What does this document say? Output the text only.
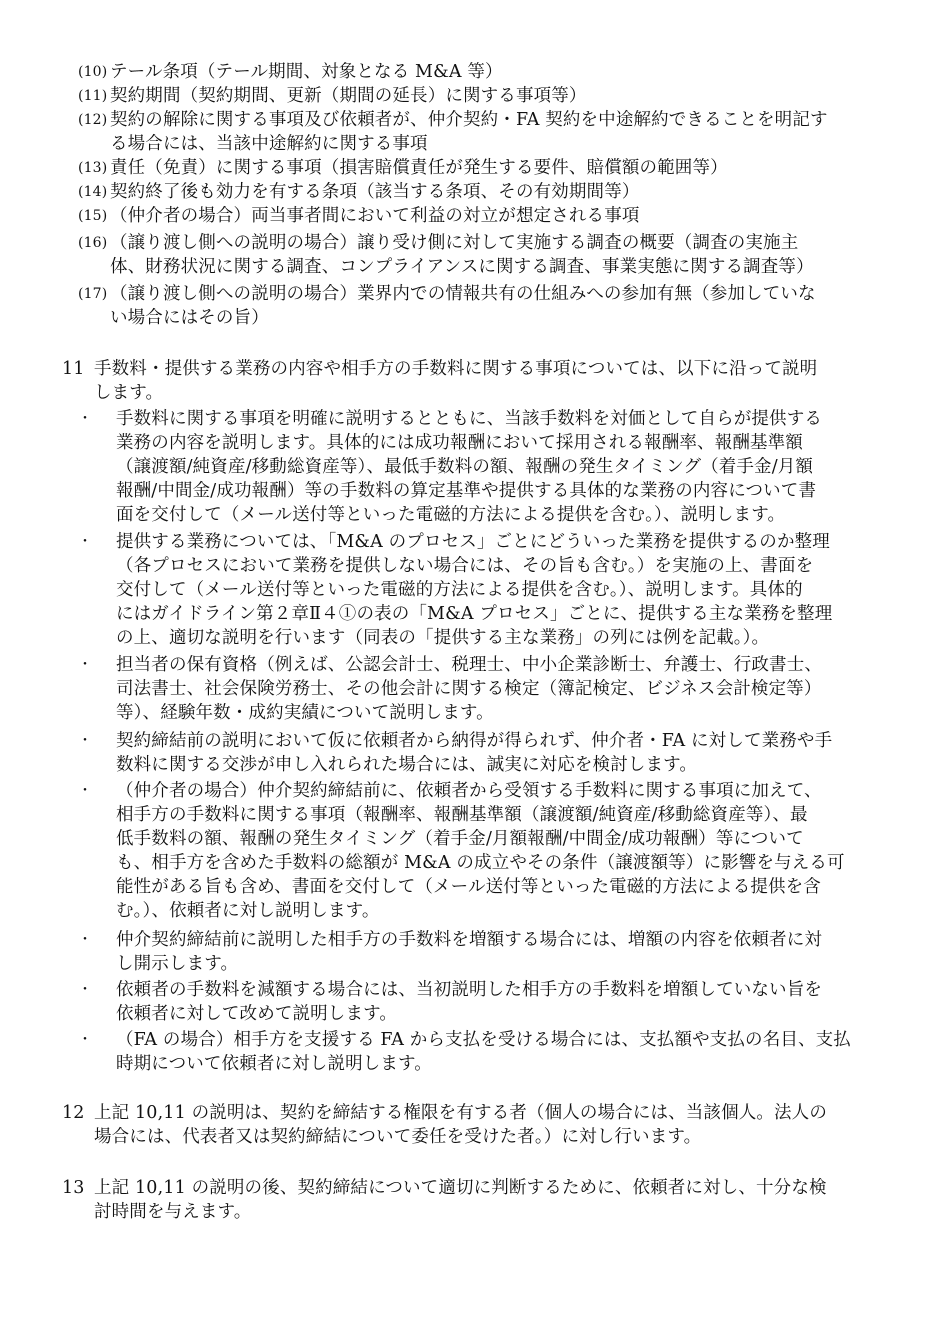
(10) テール条項（テール期間、対象となる M&A 等）
(11) 契約期間（契約期間、更新（期間の延長）に関する事項等）
(12) 契約の解除に関する事項及び依頼者が、仲介契約・FA 契約を中途解約できることを明記す
る場合には、当該中途解約に関する事項
(13) 責任（免責）に関する事項（損害賠償責任が発生する要件、賠償額の範囲等）
(14) 契約終了後も効力を有する条項（該当する条項、その有効期間等）
(15) （仲介者の場合）両当事者間において利益の対立が想定される事項
(16) （譲り渡し側への説明の場合）譲り受け側に対して実施する調査の概要（調査の実施主
体、財務状況に関する調査、コンプライアンスに関する調査、事業実態に関する調査等）
(17) （譲り渡し側への説明の場合）業界内での情報共有の仕組みへの参加有無（参加していな
い場合にはその旨）
11 手数料・提供する業務の内容や相手方の手数料に関する事項については、以下に沿って説明
します。
・	手数料に関する事項を明確に説明するとともに、当該手数料を対価として自らが提供する
業務の内容を説明します。具体的には成功報酬において採用される報酬率、報酬基準額
（譲渡額/純資産/移動総資産等）、最低手数料の額、報酬の発生タイミング（着手金/月額
報酬/中間金/成功報酬）等の手数料の算定基準や提供する具体的な業務の内容について書
面を交付して（メール送付等といった電磁的方法による提供を含む。）、説明します。
・	提供する業務については、「M&A のプロセス」ごとにどういった業務を提供するのか整理
（各プロセスにおいて業務を提供しない場合には、その旨も含む。）を実施の上、書面を
交付して（メール送付等といった電磁的方法による提供を含む。）、説明します。具体的
にはガイドライン第２章Ⅱ４①の表の「M&A プロセス」ごとに、提供する主な業務を整理
の上、適切な説明を行います（同表の「提供する主な業務」の列には例を記載。）。
・	担当者の保有資格（例えば、公認会計士、税理士、中小企業診断士、弁護士、行政書士、
司法書士、社会保険労務士、その他会計に関する検定（簿記検定、ビジネス会計検定等）
等）、経験年数・成約実績について説明します。
・	契約締結前の説明において仮に依頼者から納得が得られず、仲介者・FA に対して業務や手
数料に関する交渉が申し入れられた場合には、誠実に対応を検討します。
・	（仲介者の場合）仲介契約締結前に、依頼者から受領する手数料に関する事項に加えて、
相手方の手数料に関する事項（報酬率、報酬基準額（譲渡額/純資産/移動総資産等）、最
低手数料の額、報酬の発生タイミング（着手金/月額報酬/中間金/成功報酬）等について
も、相手方を含めた手数料の総額が M&A の成立やその条件（譲渡額等）に影響を与える可
能性がある旨も含め、書面を交付して（メール送付等といった電磁的方法による提供を含
む。）、依頼者に対し説明します。
・	仲介契約締結前に説明した相手方の手数料を増額する場合には、増額の内容を依頼者に対
し開示します。
・	依頼者の手数料を減額する場合には、当初説明した相手方の手数料を増額していない旨を
依頼者に対して改めて説明します。
・	（FA の場合）相手方を支援する FA から支払を受ける場合には、支払額や支払の名目、支払
時期について依頼者に対し説明します。
12 上記 10,11 の説明は、契約を締結する権限を有する者（個人の場合には、当該個人。法人の
場合には、代表者又は契約締結について委任を受けた者。）に対し行います。
13 上記 10,11 の説明の後、契約締結について適切に判断するために、依頼者に対し、十分な検
討時間を与えます。
